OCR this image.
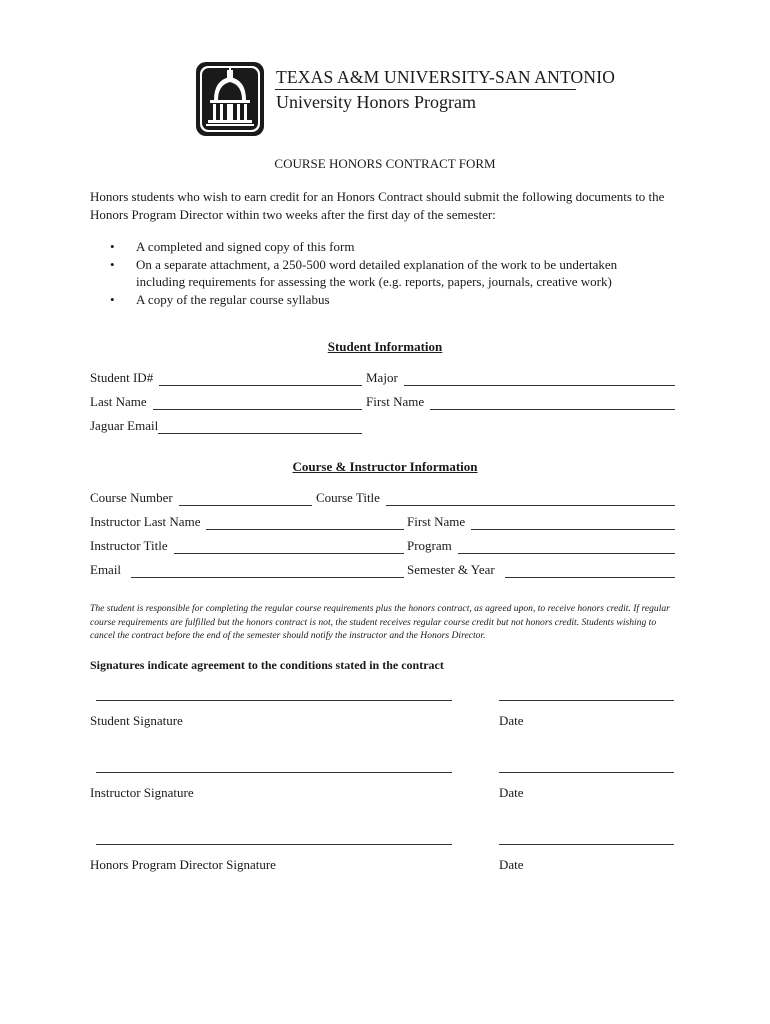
TEXAS A&M UNIVERSITY-SAN ANTONIO
University Honors Program
COURSE HONORS CONTRACT FORM
Honors students who wish to earn credit for an Honors Contract should submit the following documents to the Honors Program Director within two weeks after the first day of the semester:
• A completed and signed copy of this form
• On a separate attachment, a 250-500 word detailed explanation of the work to be undertaken including requirements for assessing the work (e.g. reports, papers, journals, creative work)
• A copy of the regular course syllabus
Student Information
Student ID#	Major
Last Name	First Name
Jaguar Email
Course & Instructor Information
Course Number	Course Title
Instructor Last Name	First Name
Instructor Title	Program
Email	Semester & Year
The student is responsible for completing the regular course requirements plus the honors contract, as agreed upon, to receive honors credit. If regular course requirements are fulfilled but the honors contract is not, the student receives regular course credit but not honors credit. Students wishing to cancel the contract before the end of the semester should notify the instructor and the Honors Director.
Signatures indicate agreement to the conditions stated in the contract
Student Signature	Date
Instructor Signature	Date
Honors Program Director Signature	Date
